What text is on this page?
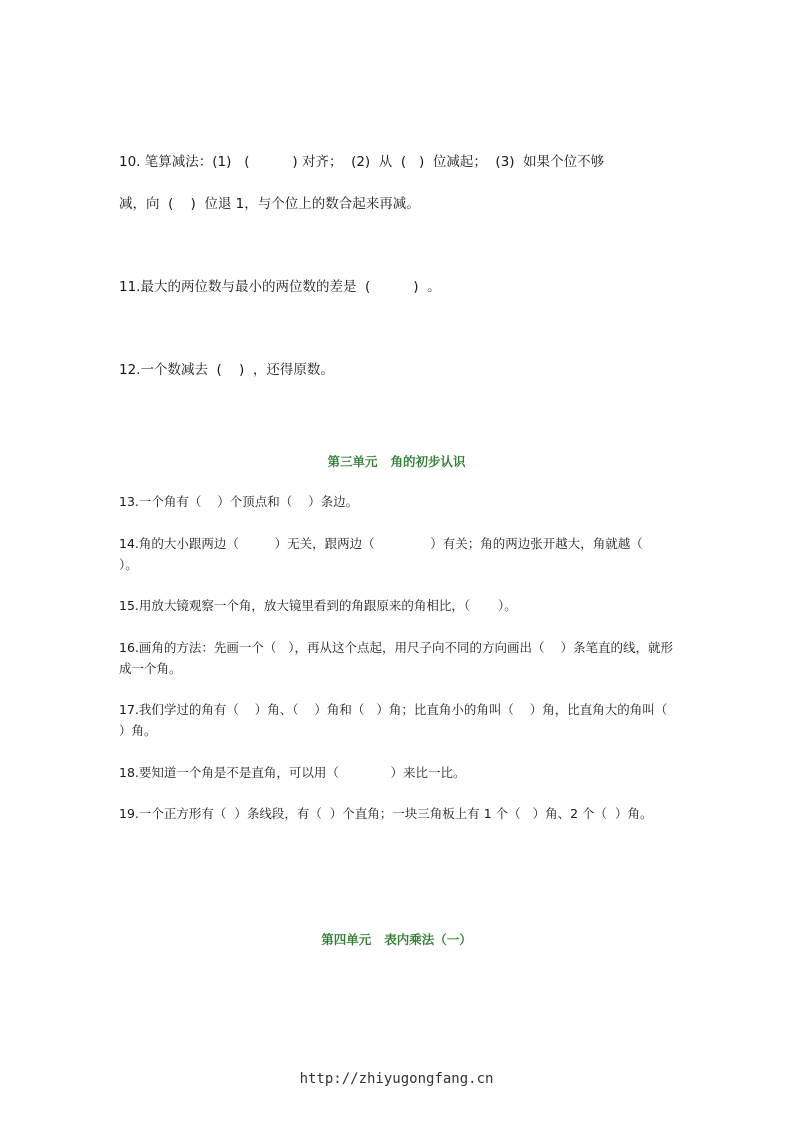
10. 笔算减法：(1)   (          ) 对齐；  (2)  从  (   )  位减起；  (3)  如果个位不够
减，向  (    )  位退 1，与个位上的数合起来再减。
11.最大的两位数与最小的两位数的差是  (          )  。
12.一个数减去  (    )  ，还得原数。
第三单元   角的初步认识
13.一个角有（    ）个顶点和（    ）条边。
14.角的大小跟两边（         ）无关，跟两边（              ）有关；角的两边张开越大，角就越（         ）。
15.用放大镜观察一个角，放大镜里看到的角跟原来的角相比，（       ）。
16.画角的方法：先画一个（   ），再从这个点起，用尺子向不同的方向画出（    ）条笔直的线，就形成一个角。
17.我们学过的角有（    ）角、（    ）角和（   ）角；比直角小的角叫（    ）角，比直角大的角叫（   ）角。
18.要知道一个角是不是直角，可以用（             ）来比一比。
19.一个正方形有（  ）条线段，有（  ）个直角；一块三角板上有 1 个（   ）角、2 个（  ）角。
第四单元   表内乘法（一）
http://zhiyugongfang.cn
